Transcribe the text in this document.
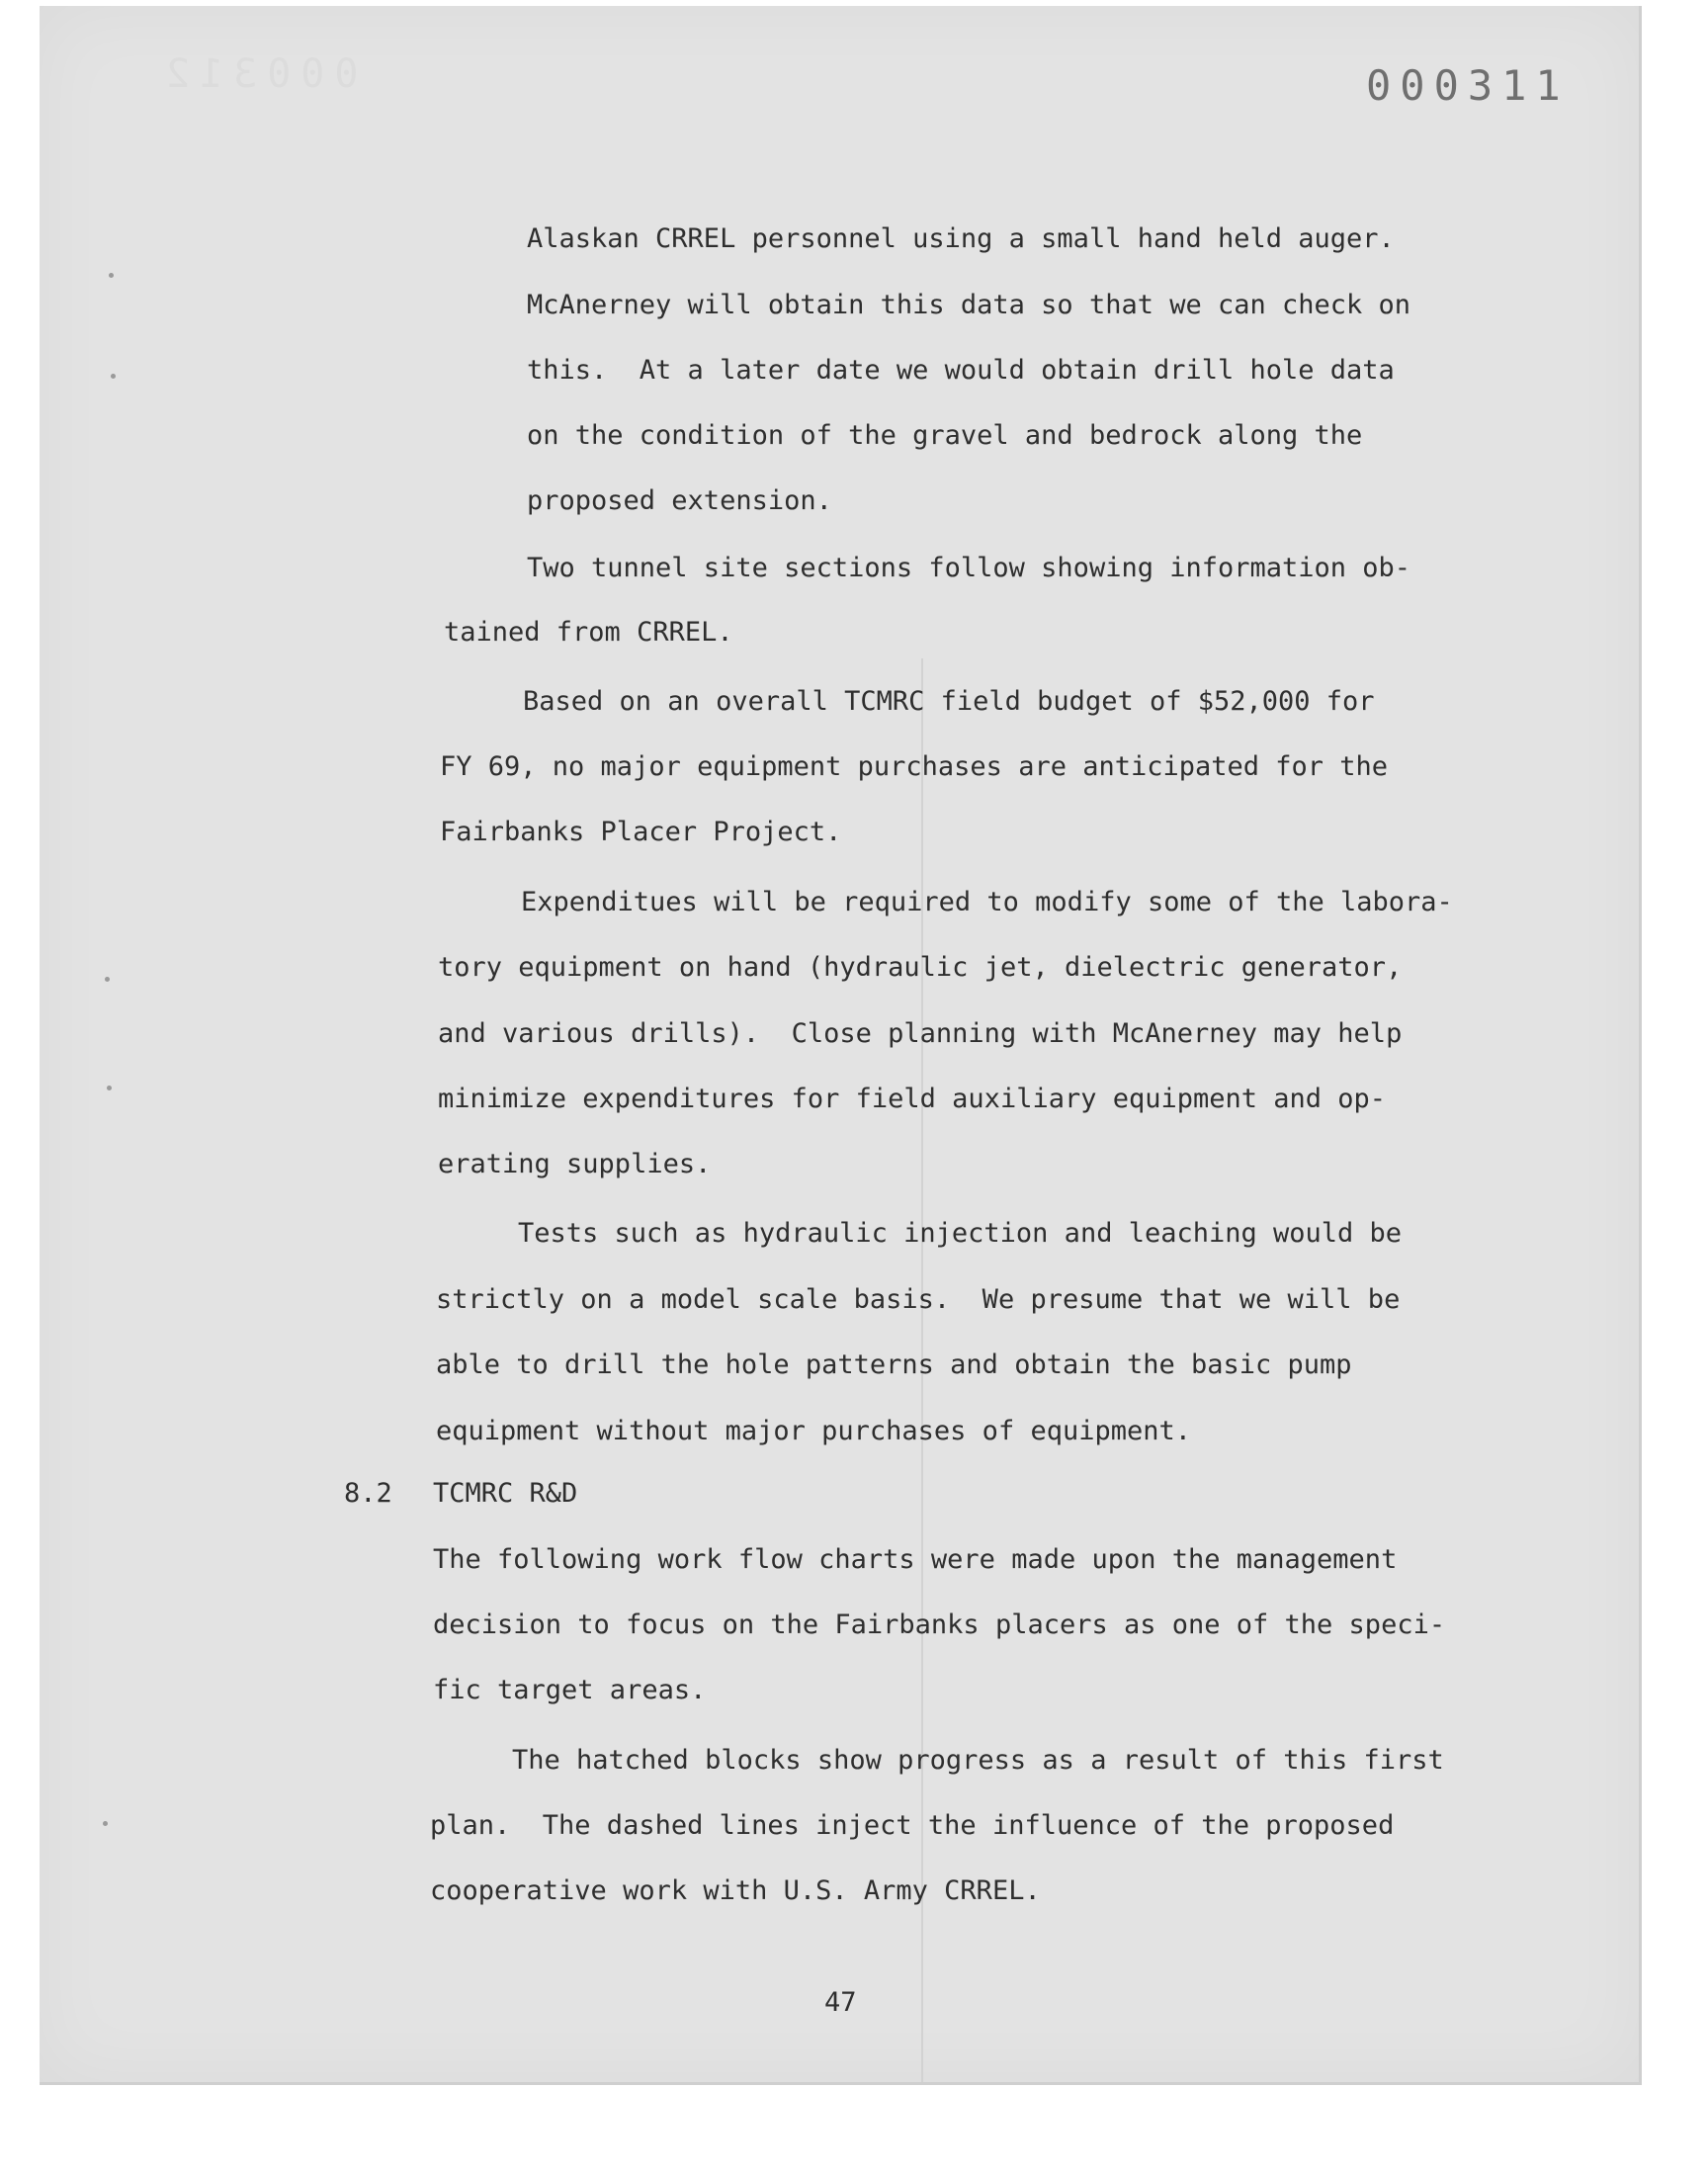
000312	000311
Alaskan CRREL personnel using a small hand held auger.
McAnerney will obtain this data so that we can check on
this.  At a later date we would obtain drill hole data
on the condition of the gravel and bedrock along the
proposed extension.
Two tunnel site sections follow showing information ob-
tained from CRREL.
Based on an overall TCMRC field budget of $52,000 for
FY 69, no major equipment purchases are anticipated for the
Fairbanks Placer Project.
Expenditues will be required to modify some of the labora-
tory equipment on hand (hydraulic jet, dielectric generator,
and various drills).  Close planning with McAnerney may help
minimize expenditures for field auxiliary equipment and op-
erating supplies.
Tests such as hydraulic injection and leaching would be
strictly on a model scale basis.  We presume that we will be
able to drill the hole patterns and obtain the basic pump
equipment without major purchases of equipment.
8.2 TCMRC R&D
The following work flow charts were made upon the management
decision to focus on the Fairbanks placers as one of the speci-
fic target areas.
The hatched blocks show progress as a result of this first
plan.  The dashed lines inject the influence of the proposed
cooperative work with U.S. Army CRREL.
47
